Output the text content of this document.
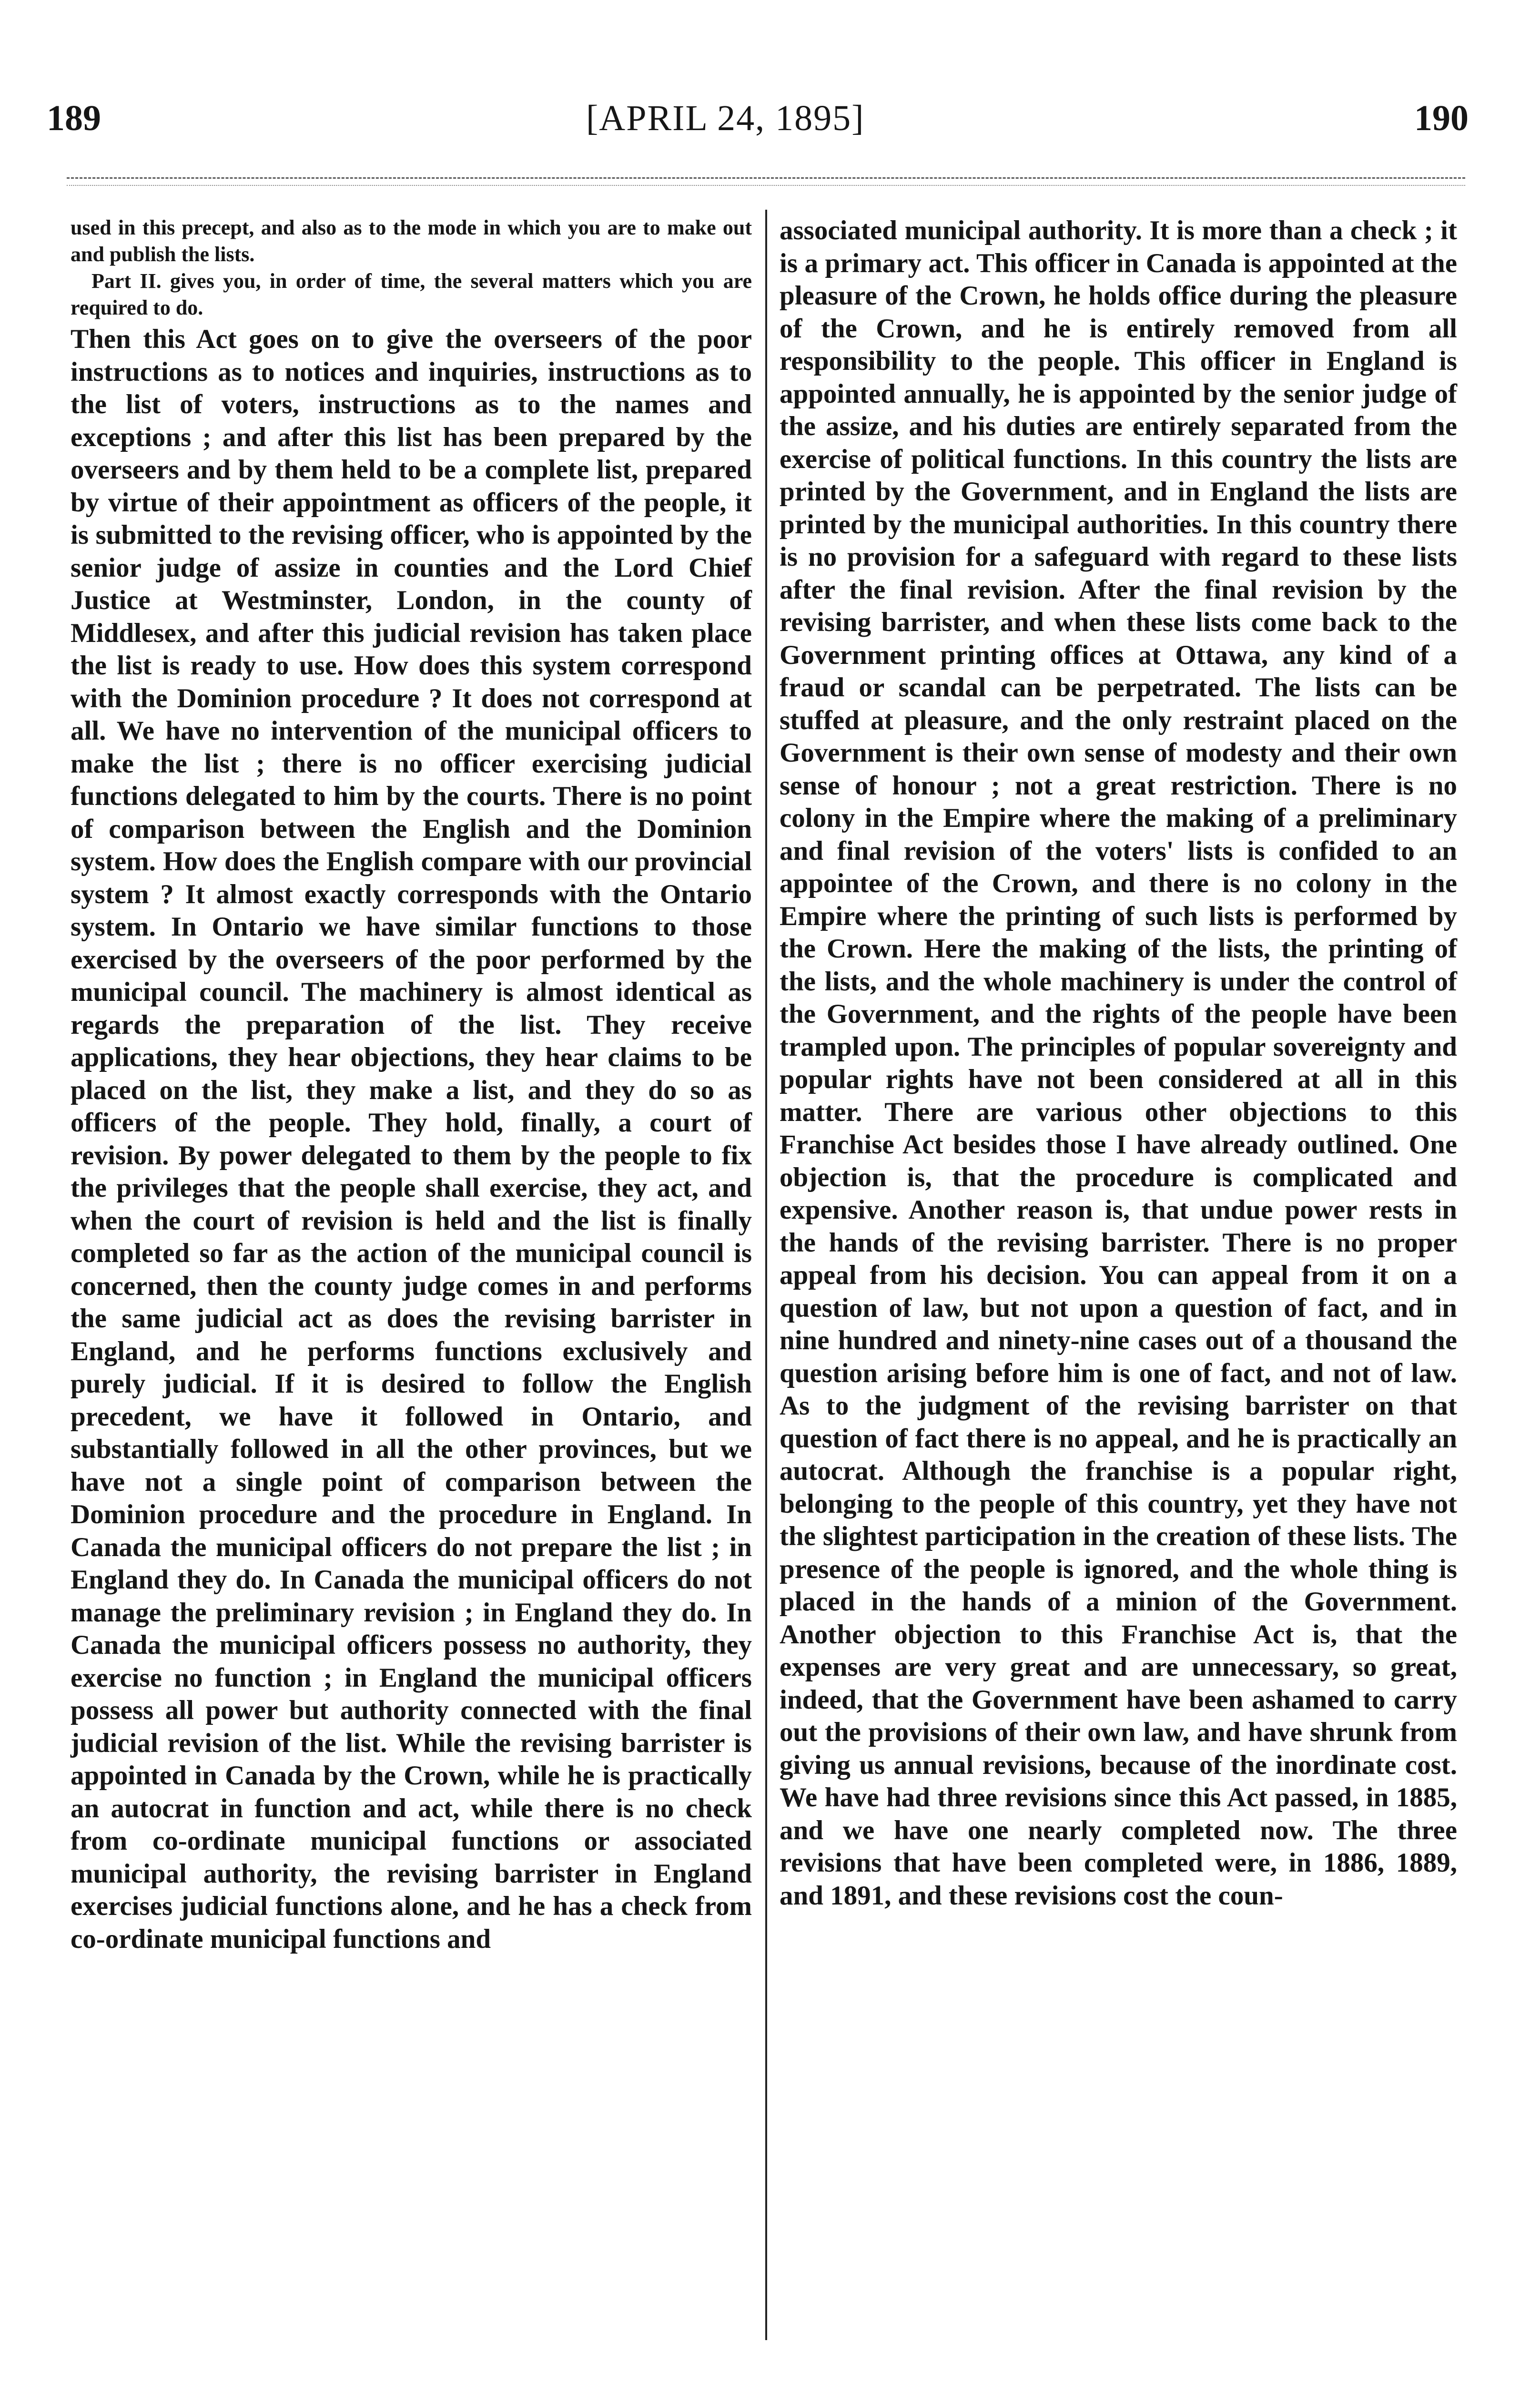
189	[APRIL 24, 1895]	190

used in this precept, and also as to the mode in which you are to make out and publish the lists.

Part II. gives you, in order of time, the several matters which you are required to do.

Then this Act goes on to give the overseers of the poor instructions as to notices and inquiries, instructions as to the list of voters, instructions as to the names and exceptions ; and after this list has been prepared by the overseers and by them held to be a complete list, prepared by virtue of their appointment as officers of the people, it is submitted to the revising officer, who is appointed by the senior judge of assize in counties and the Lord Chief Justice at Westminster, London, in the county of Middlesex, and after this judicial revision has taken place the list is ready to use. How does this system correspond with the Dominion procedure ? It does not correspond at all. We have no intervention of the municipal officers to make the list ; there is no officer exercising judicial functions delegated to him by the courts. There is no point of comparison between the English and the Dominion system. How does the English compare with our provincial system ? It almost exactly corresponds with the Ontario system. In Ontario we have similar functions to those exercised by the overseers of the poor performed by the municipal council. The machinery is almost identical as regards the preparation of the list. They receive applications, they hear objections, they hear claims to be placed on the list, they make a list, and they do so as officers of the people. They hold, finally, a court of revision. By power delegated to them by the people to fix the privileges that the people shall exercise, they act, and when the court of revision is held and the list is finally completed so far as the action of the municipal council is concerned, then the county judge comes in and performs the same judicial act as does the revising barrister in England, and he performs functions exclusively and purely judicial. If it is desired to follow the English precedent, we have it followed in Ontario, and substantially followed in all the other provinces, but we have not a single point of comparison between the Dominion procedure and the procedure in England. In Canada the municipal officers do not prepare the list ; in England they do. In Canada the municipal officers do not manage the preliminary revision ; in England they do. In Canada the municipal officers possess no authority, they exercise no function ; in England the municipal officers possess all power but authority connected with the final judicial revision of the list. While the revising barrister is appointed in Canada by the Crown, while he is practically an autocrat in function and act, while there is no check from co-ordinate municipal functions or associated municipal authority, the revising barrister in England exercises judicial functions alone, and he has a check from co-ordinate municipal functions and

associated municipal authority. It is more than a check ; it is a primary act. This officer in Canada is appointed at the pleasure of the Crown, he holds office during the pleasure of the Crown, and he is entirely removed from all responsibility to the people. This officer in England is appointed annually, he is appointed by the senior judge of the assize, and his duties are entirely separated from the exercise of political functions. In this country the lists are printed by the Government, and in England the lists are printed by the municipal authorities. In this country there is no provision for a safeguard with regard to these lists after the final revision. After the final revision by the revising barrister, and when these lists come back to the Government printing offices at Ottawa, any kind of a fraud or scandal can be perpetrated. The lists can be stuffed at pleasure, and the only restraint placed on the Government is their own sense of modesty and their own sense of honour ; not a great restriction. There is no colony in the Empire where the making of a preliminary and final revision of the voters' lists is confided to an appointee of the Crown, and there is no colony in the Empire where the printing of such lists is performed by the Crown. Here the making of the lists, the printing of the lists, and the whole machinery is under the control of the Government, and the rights of the people have been trampled upon. The principles of popular sovereignty and popular rights have not been considered at all in this matter. There are various other objections to this Franchise Act besides those I have already outlined. One objection is, that the procedure is complicated and expensive. Another reason is, that undue power rests in the hands of the revising barrister. There is no proper appeal from his decision. You can appeal from it on a question of law, but not upon a question of fact, and in nine hundred and ninety-nine cases out of a thousand the question arising before him is one of fact, and not of law. As to the judgment of the revising barrister on that question of fact there is no appeal, and he is practically an autocrat. Although the franchise is a popular right, belonging to the people of this country, yet they have not the slightest participation in the creation of these lists. The presence of the people is ignored, and the whole thing is placed in the hands of a minion of the Government. Another objection to this Franchise Act is, that the expenses are very great and are unnecessary, so great, indeed, that the Government have been ashamed to carry out the provisions of their own law, and have shrunk from giving us annual revisions, because of the inordinate cost. We have had three revisions since this Act passed, in 1885, and we have one nearly completed now. The three revisions that have been completed were, in 1886, 1889, and 1891, and these revisions cost the coun-
